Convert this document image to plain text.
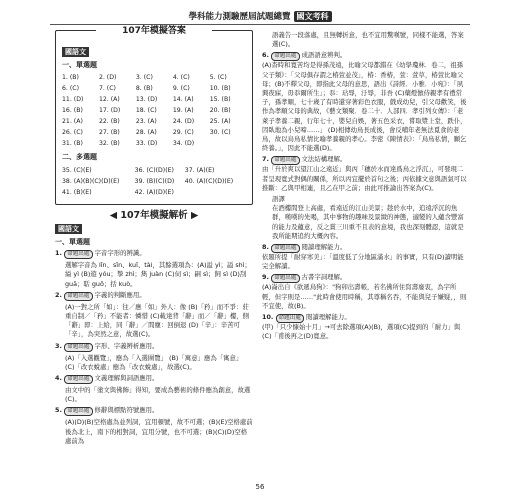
學科能力測驗歷屆試題總覽 國文考科
107年模擬答案
國語文
一、單選題
1. (B)	2. (D)	3. (C)	4. (C)	5. (C)
6. (C)	7. (C)	8. (B)	9. (C)	10. (B)
11. (D)	12. (A)	13. (D)	14. (A)	15. (B)
16. (B)	17. (D)	18. (C)	19. (A)	20. (B)
21. (A)	22. (B)	23. (A)	24. (D)	25. (A)
26. (C)	27. (B)	28. (A)	29. (C)	30. (C)
31. (B)	32. (B)	33. (D)	34. (D)	
二、多選題
35. (C)(E)	36. (C)(D)(E)	37. (A)(E)
38. (A)(B)(C)(D)(E)	39. (B)(C)(D)	40. (A)(C)(D)(E)
41. (B)(E)	42. (A)(D)(E)	
◀ 107年模擬解析 ▶
國語文
一、單選題
1. 命題出處 字音字形的辨識。
選解字音為 lǐn、sǐn、kuǐ、tài，其餘選項為：(A)溢 yì；謚 shì；縊 yì (B)遊 yóu；摯 zhì；雋 juàn (C)伺 sì；嗣 sì；飼 sì (D)刮 guā；聒 guō；括 kuò。
2. 命題出處 字義的判斷應用。
(A)一對之所「如」：往／應「如」外人：像 (B)「矜」而不爭：莊重自制／「矜」不能者：憐惜 (C)載達背「辭」而／「辭」樓，側「辭」即：上給，同「辭」／間塵：回倒退 (D)「辛」：辛苦可「辛」，為突然之意，故選(C)。
3. 命題出處 字形、字義辨析應用。
(A)「入選觀覽」，應為「入選圍覽」 (B)「寓意」應為「寓意」 (C)「改衣蛻處」應為「改衣蛻處」，故選(C)。
4. 命題出處 文義理解與詞語應用。
由文中的「塗文與佛飾」得知，要成為藝術的條件應為創意，故選(C)。
5. 命題出處 修辭與標點符號應用。
(A)(D)(B)空格處為並列詞，宜用頓號，故不可選；(B)(E)空格處前後為北上，南下的相對詞，宜用分號，也不可選；(B)(C)(D)空格處前為
語義告一段落處，且無轉折意，也不宜用驚嘆號，同樣不能選，答案選(C)。
6. 命題出處 成語語意辨判。
(A)杳時和寬苦均是得孫茂遠，比喻父母都錯在《幼學瓊林．卷二，祖孫父子類》：「父母俱存謂之椿萱並茂」，椿：香椿，萱：萱草，椿萱比喻父母；(B)不釋父母，即指此父母的意思，語出《詩經．小雅．小宛》：「夙興夜寐，毋忝爾所生」；忝：玷辱，汙辱，非吾 (C)藥燈倣侍親孝有禮常子，孫孝順，七十歲了有時還穿著彩色衣服，戲成幼兒，引父母歡笑，後作為孝順父母的典故，《藝文類聚．卷二十．人部四．孝引列女傳》：「老萊子孝養二親，行年七十，嬰兒自娛，著五色采衣，嘗取漿上堂，跌仆，因臥地為小兒啼……」 (D)相傳幼鳥長成後，會反哺年老無法覓食的老鳥，故以烏鳥私情比喻孝養親的孝心。李密《陳情表》：「烏鳥私情，願乞終養。」，因此不能選(D)。
7. 命題出處 文法結構理解。
由「升於爽以望江山之遠近」與丙「穗於水而達爲鳥之浮沉」，可發現二者呈現寬式對偶的關係，所以丙宜擺於首句之後；丙依據文意與語氣可以推斷：乙與甲相連，且乙在甲之前；由此可推論出答案為(C)。
語譯
在酒樓間登上高處，看遠近的江山美景；趁於水中，追遠浮沉的魚群，嘆嘆的先喝，其中事物的趣味及景緻的神態，適變的人蘊含豐富的能力及蘊意，反之賞三川重不且表的意境，我也深刻體認，這就是我所能期追約大概內容。
8. 命題出處 閱讀理解能力。
依題所提「耐穿寒美」：「溫度低了分地區滿水」的事實，只有(D)讀明能完全解讀。
9. 命題出處 古書字詞理解。
(A)崙出自《欲遞烏狗》："狗卯出壽帳，若名佛所住寫壽廢衷，為字所輕，但字則是……"此時會使用時稱，其尊稱名吞，不能與兒子嫌疑，，則不宜使，故(B)。
10. 命題出處 閱讀理解能力。
(甲)「只少慷始十月」→可去除選項(A)(B)，選項(C)提到的「耐力」與(C)「甫後再之(D)寬意。
56
